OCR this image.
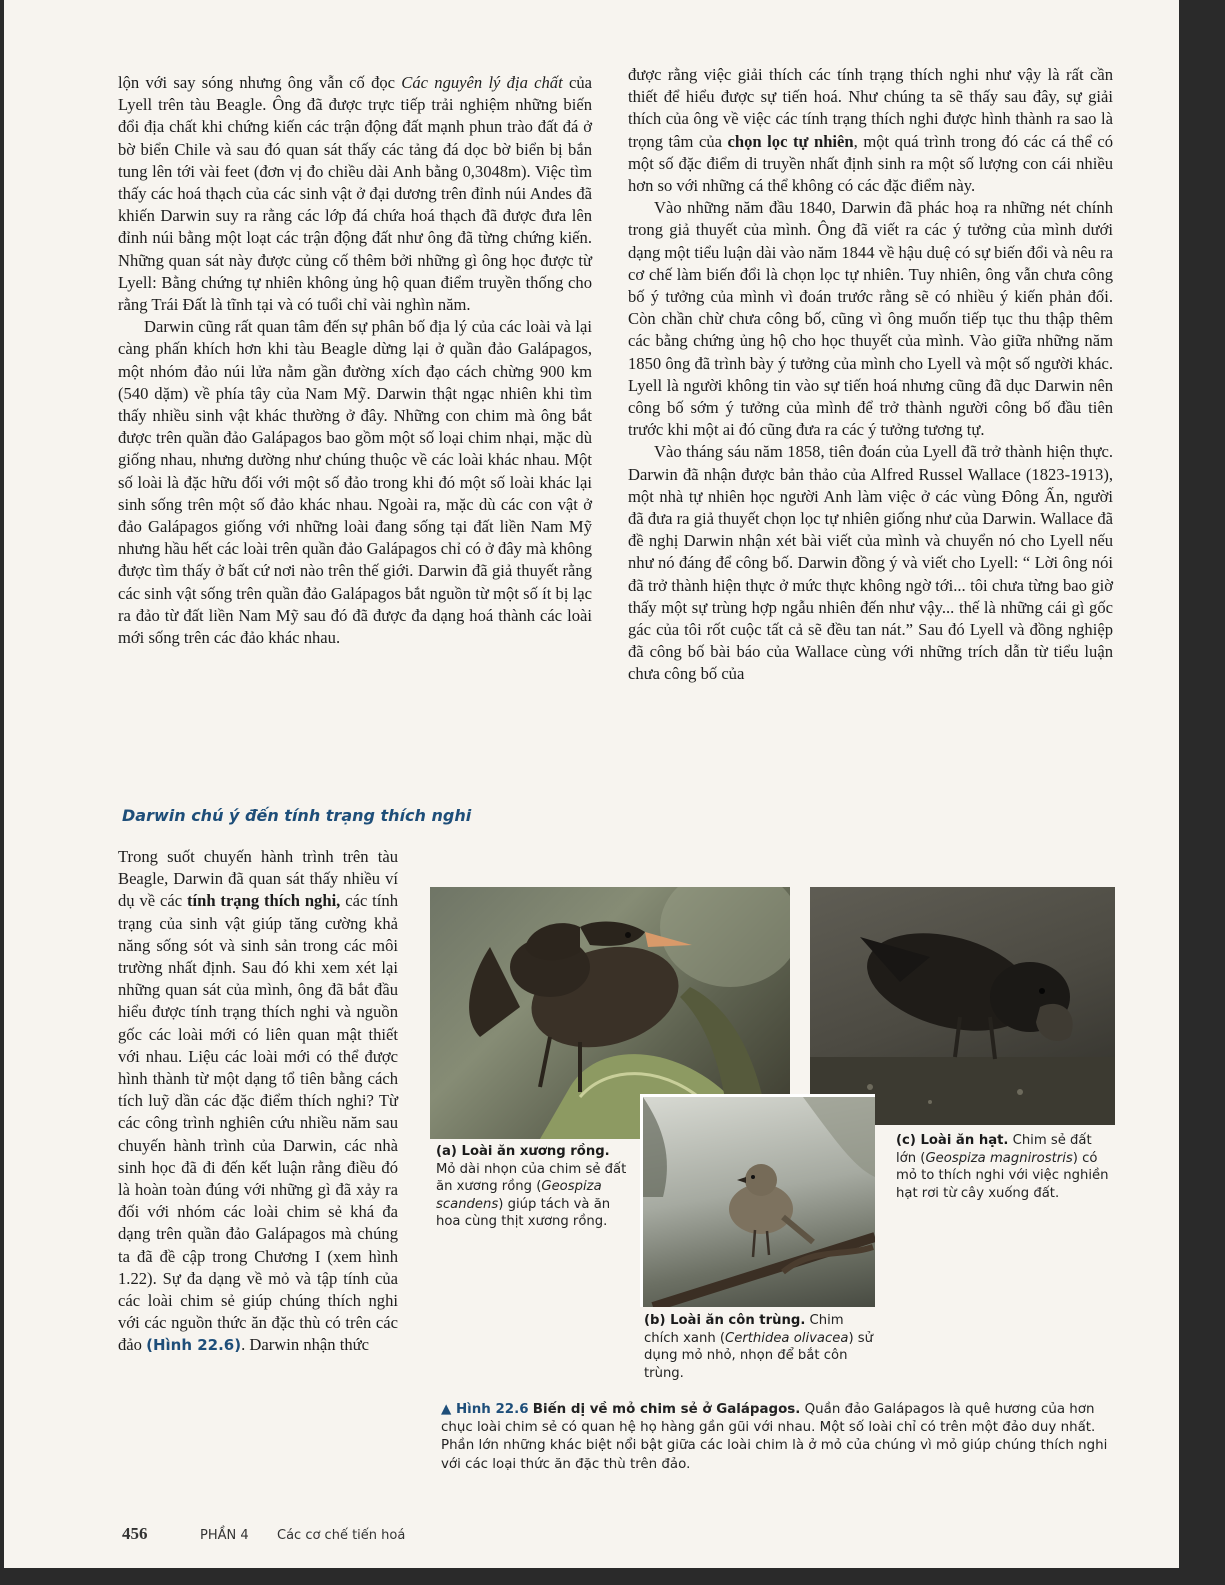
lộn với say sóng nhưng ông vẫn cố đọc Các nguyên lý địa chất của Lyell trên tàu Beagle. Ông đã được trực tiếp trải nghiệm những biến đổi địa chất khi chứng kiến các trận động đất mạnh phun trào đất đá ở bờ biển Chile và sau đó quan sát thấy các tảng đá dọc bờ biển bị bắn tung lên tới vài feet (đơn vị đo chiều dài Anh bằng 0,3048m). Việc tìm thấy các hoá thạch của các sinh vật ở đại dương trên đỉnh núi Andes đã khiến Darwin suy ra rằng các lớp đá chứa hoá thạch đã được đưa lên đỉnh núi bằng một loạt các trận động đất như ông đã từng chứng kiến. Những quan sát này được củng cố thêm bởi những gì ông học được từ Lyell: Bằng chứng tự nhiên không ủng hộ quan điểm truyền thống cho rằng Trái Đất là tĩnh tại và có tuổi chỉ vài nghìn năm.

Darwin cũng rất quan tâm đến sự phân bố địa lý của các loài và lại càng phấn khích hơn khi tàu Beagle dừng lại ở quần đảo Galápagos, một nhóm đảo núi lửa nằm gần đường xích đạo cách chừng 900 km (540 dặm) về phía tây của Nam Mỹ. Darwin thật ngạc nhiên khi tìm thấy nhiều sinh vật khác thường ở đây. Những con chim mà ông bắt được trên quần đảo Galápagos bao gồm một số loại chim nhại, mặc dù giống nhau, nhưng dường như chúng thuộc về các loài khác nhau. Một số loài là đặc hữu đối với một số đảo trong khi đó một số loài khác lại sinh sống trên một số đảo khác nhau. Ngoài ra, mặc dù các con vật ở đảo Galápagos giống với những loài đang sống tại đất liền Nam Mỹ nhưng hầu hết các loài trên quần đảo Galápagos chỉ có ở đây mà không được tìm thấy ở bất cứ nơi nào trên thế giới. Darwin đã giả thuyết rằng các sinh vật sống trên quần đảo Galápagos bắt nguồn từ một số ít bị lạc ra đảo từ đất liền Nam Mỹ sau đó đã được đa dạng hoá thành các loài mới sống trên các đảo khác nhau.

Darwin chú ý đến tính trạng thích nghi

Trong suốt chuyến hành trình trên tàu Beagle, Darwin đã quan sát thấy nhiều ví dụ về các tính trạng thích nghi, các tính trạng của sinh vật giúp tăng cường khả năng sống sót và sinh sản trong các môi trường nhất định. Sau đó khi xem xét lại những quan sát của mình, ông đã bắt đầu hiểu được tính trạng thích nghi và nguồn gốc các loài mới có liên quan mật thiết với nhau. Liệu các loài mới có thể được hình thành từ một dạng tổ tiên bằng cách tích luỹ dần các đặc điểm thích nghi? Từ các công trình nghiên cứu nhiều năm sau chuyến hành trình của Darwin, các nhà sinh học đã đi đến kết luận rằng điều đó là hoàn toàn đúng với những gì đã xảy ra đối với nhóm các loài chim sẻ khá đa dạng trên quần đảo Galápagos mà chúng ta đã đề cập trong Chương I (xem hình 1.22). Sự đa dạng về mỏ và tập tính của các loài chim sẻ giúp chúng thích nghi với các nguồn thức ăn đặc thù có trên các đảo (Hình 22.6). Darwin nhận thức

được rằng việc giải thích các tính trạng thích nghi như vậy là rất cần thiết để hiểu được sự tiến hoá. Như chúng ta sẽ thấy sau đây, sự giải thích của ông về việc các tính trạng thích nghi được hình thành ra sao là trọng tâm của chọn lọc tự nhiên, một quá trình trong đó các cá thể có một số đặc điểm di truyền nhất định sinh ra một số lượng con cái nhiều hơn so với những cá thể không có các đặc điểm này.

Vào những năm đầu 1840, Darwin đã phác hoạ ra những nét chính trong giả thuyết của mình. Ông đã viết ra các ý tưởng của mình dưới dạng một tiểu luận dài vào năm 1844 về hậu duệ có sự biến đổi và nêu ra cơ chế làm biến đổi là chọn lọc tự nhiên. Tuy nhiên, ông vẫn chưa công bố ý tưởng của mình vì đoán trước rằng sẽ có nhiều ý kiến phản đối. Còn chần chừ chưa công bố, cũng vì ông muốn tiếp tục thu thập thêm các bằng chứng ủng hộ cho học thuyết của mình. Vào giữa những năm 1850 ông đã trình bày ý tưởng của mình cho Lyell và một số người khác. Lyell là người không tin vào sự tiến hoá nhưng cũng đã dục Darwin nên công bố sớm ý tưởng của mình để trở thành người công bố đầu tiên trước khi một ai đó cũng đưa ra các ý tưởng tương tự.

Vào tháng sáu năm 1858, tiên đoán của Lyell đã trở thành hiện thực. Darwin đã nhận được bản thảo của Alfred Russel Wallace (1823-1913), một nhà tự nhiên học người Anh làm việc ở các vùng Đông Ấn, người đã đưa ra giả thuyết chọn lọc tự nhiên giống như của Darwin. Wallace đã đề nghị Darwin nhận xét bài viết của mình và chuyển nó cho Lyell nếu như nó đáng để công bố. Darwin đồng ý và viết cho Lyell: “ Lời ông nói đã trở thành hiện thực ở mức thực không ngờ tới... tôi chưa từng bao giờ thấy một sự trùng hợp ngẫu nhiên đến như vậy... thế là những cái gì gốc gác của tôi rốt cuộc tất cả sẽ đều tan nát.” Sau đó Lyell và đồng nghiệp đã công bố bài báo của Wallace cùng với những trích dẫn từ tiểu luận chưa công bố của

(a) Loài ăn xương rồng. Mỏ dài nhọn của chim sẻ đất ăn xương rồng (Geospiza scandens) giúp tách và ăn hoa cùng thịt xương rồng.
(c) Loài ăn hạt. Chim sẻ đất lớn (Geospiza magnirostris) có mỏ to thích nghi với việc nghiền hạt rơi từ cây xuống đất.
(b) Loài ăn côn trùng. Chim chích xanh (Certhidea olivacea) sử dụng mỏ nhỏ, nhọn để bắt côn trùng.
▲ Hình 22.6 Biến dị về mỏ chim sẻ ở Galápagos. Quần đảo Galápagos là quê hương của hơn chục loài chim sẻ có quan hệ họ hàng gần gũi với nhau. Một số loài chỉ có trên một đảo duy nhất. Phần lớn những khác biệt nổi bật giữa các loài chim là ở mỏ của chúng vì mỏ giúp chúng thích nghi với các loại thức ăn đặc thù trên đảo.
456	PHẦN 4 Các cơ chế tiến hoá
